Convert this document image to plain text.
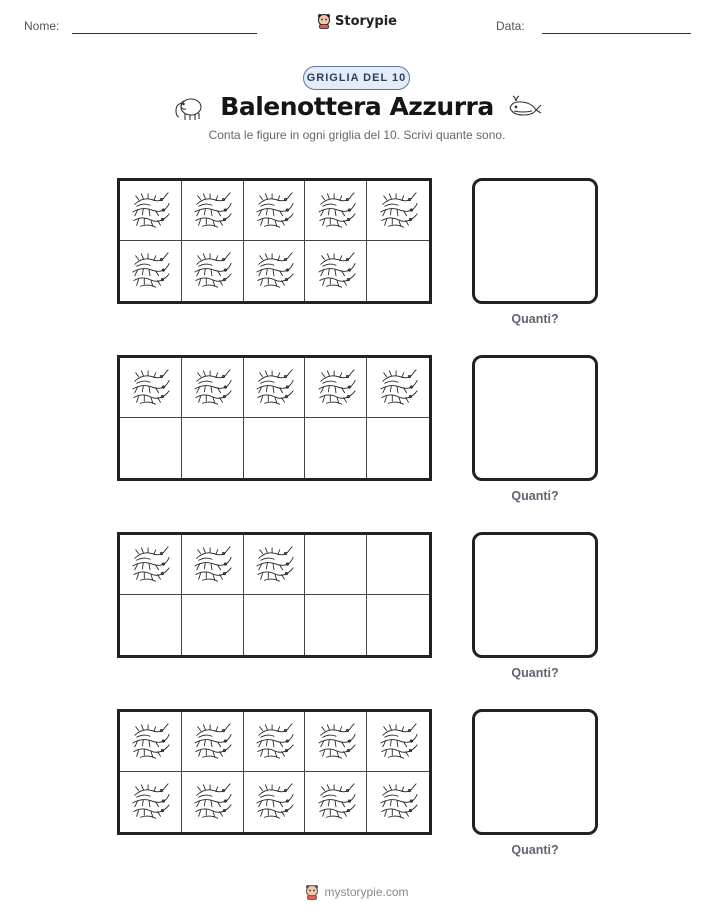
Nome:	Storypie	Data:
GRIGLIA DEL 10
Balenottera Azzurra
Conta le figure in ogni griglia del 10. Scrivi quante sono.
Quanti?
Quanti?
Quanti?
Quanti?
mystorypie.com
